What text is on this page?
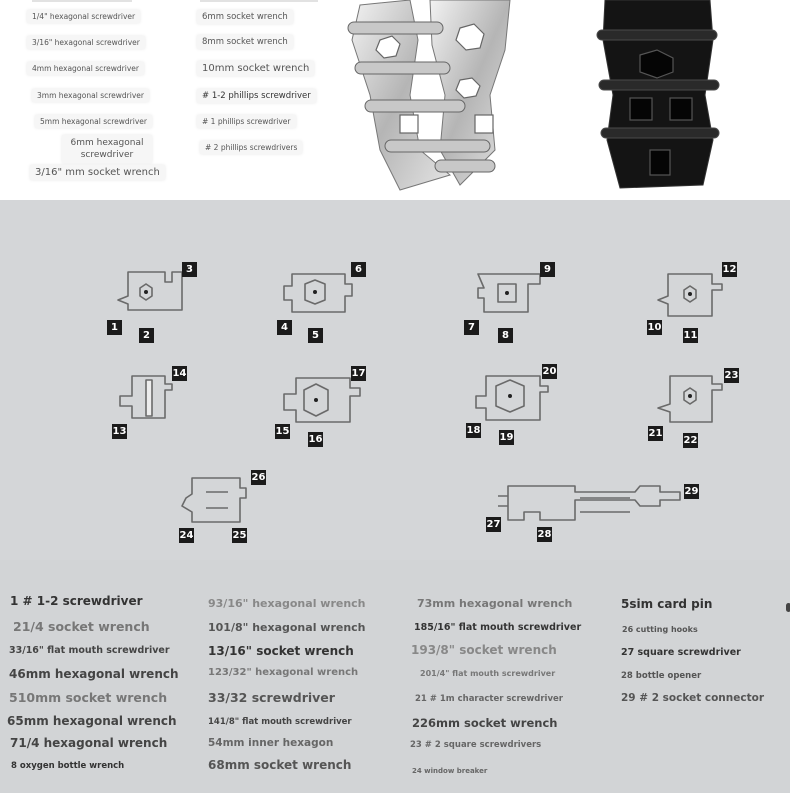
1/4" hexagonal screwdriver
3/16" hexagonal screwdriver
4mm hexagonal screwdriver
3mm hexagonal screwdriver
5mm hexagonal screwdriver
6mm hexagonal screwdriver
3/16" mm socket wrench
6mm socket wrench
8mm socket wrench
10mm socket wrench
# 1-2 phillips screwdriver
# 1 phillips screwdriver
# 2 phillips screwdrivers
3
1
2
6
4
5
9
7
8
12
10
11
14
13
17
15
16
20
18
19
23
21
22
26
24	25
29
27
28
1 # 1-2 screwdriver
21/4 socket wrench
33/16" flat mouth screwdriver
46mm hexagonal wrench
510mm socket wrench
65mm hexagonal wrench
71/4 hexagonal wrench
8 oxygen bottle wrench
93/16" hexagonal wrench
101/8" hexagonal wrench
13/16" socket wrench
123/32" hexagonal wrench
33/32 screwdriver
141/8" flat mouth screwdriver
54mm inner hexagon
68mm socket wrench
73mm hexagonal wrench
185/16" flat mouth screwdriver
193/8" socket wrench
201/4" flat mouth screwdriver
21 # 1m character screwdriver
226mm socket wrench
23 # 2 square screwdrivers
24 window breaker
5sim card pin
26 cutting hooks
27 square screwdriver
28 bottle opener
29 # 2 socket connector
